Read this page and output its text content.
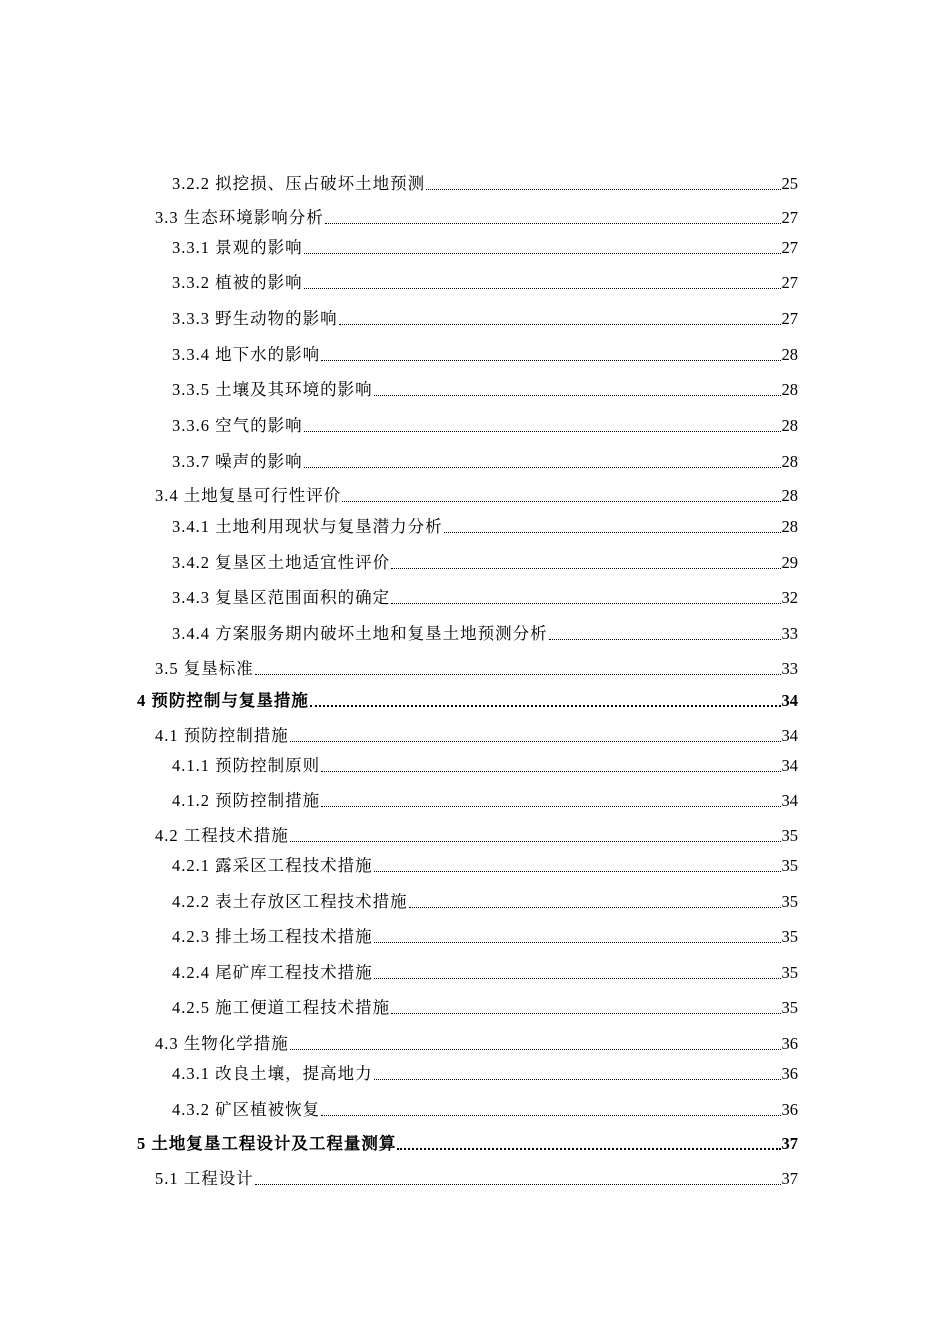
3.2.2 拟挖损、压占破坏土地预测	25
3.3 生态环境影响分析	27
3.3.1 景观的影响	27
3.3.2 植被的影响	27
3.3.3 野生动物的影响	27
3.3.4 地下水的影响	28
3.3.5 土壤及其环境的影响	28
3.3.6 空气的影响	28
3.3.7 噪声的影响	28
3.4 土地复垦可行性评价	28
3.4.1 土地利用现状与复垦潜力分析	28
3.4.2 复垦区土地适宜性评价	29
3.4.3 复垦区范围面积的确定	32
3.4.4 方案服务期内破坏土地和复垦土地预测分析	33
3.5 复垦标准	33
4 预防控制与复垦措施	34
4.1 预防控制措施	34
4.1.1 预防控制原则	34
4.1.2 预防控制措施	34
4.2 工程技术措施	35
4.2.1 露采区工程技术措施	35
4.2.2 表土存放区工程技术措施	35
4.2.3 排土场工程技术措施	35
4.2.4 尾矿库工程技术措施	35
4.2.5 施工便道工程技术措施	35
4.3 生物化学措施	36
4.3.1 改良土壤，提高地力	36
4.3.2 矿区植被恢复	36
5 土地复垦工程设计及工程量测算	37
5.1 工程设计	37
